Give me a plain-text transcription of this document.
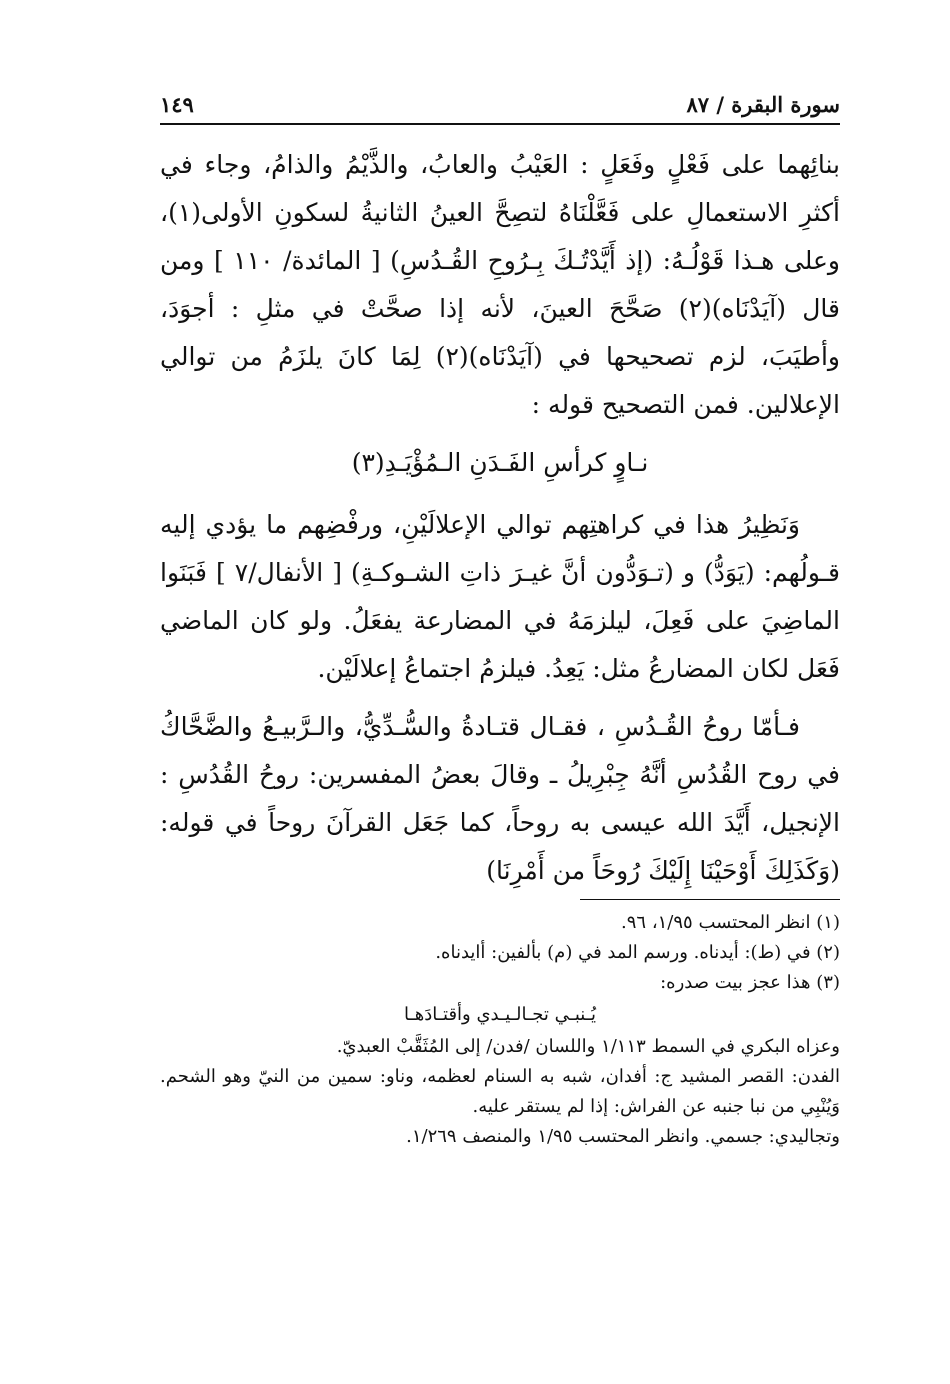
سورة البقرة / ٨٧
١٤٩

بنائِهما على فَعْلٍ وفَعَلٍ : العَيْبُ والعابُ، والذَّيْمُ والذامُ، وجاء في أكثرِ الاستعمالِ على فَعَّلْنَاهُ لتصِحَّ العينُ الثانيةُ لسكونِ الأولى(١)، وعلى هـذا قَوْلُـهُ: (إذ أَيَّدْتُـكَ بِـرُوحِ القُـدُسِ) [ المائدة/ ١١٠ ] ومن قال (آيَدْنَاه)(٢) صَحَّحَ العينَ، لأنه إذا صحَّتْ في مثلِ : أجوَدَ، وأطيَبَ، لزم تصحيحها في (آيَدْنَاه)(٢) لِمَا كانَ يلزَمُ من توالي الإعلالين. فمن التصحيح قوله :

نـاوٍ كرأسِ الفَـدَنِ الـمُؤْيَـدِ(٣)

وَنَظِيرُ هذا في كراهتِهم توالي الإعلالَيْنِ، ورفْضِهم ما يؤدي إليه قـولُهم: (يَوَدُّ) و (تـوَدُّون أنَّ غيـرَ ذاتِ الشـوكـةِ) [ الأنفال/٧ ] فَبَنَوا الماضِيَ على فَعِلَ، ليلزمَهُ في المضارعة يفعَلُ. ولو كان الماضي فَعَل لكان المضارعُ مثل: يَعِدُ. فيلزمُ اجتماعُ إعلالَيْن.

فـأمّا روحُ القُـدُسِ ، فقـال قتـادةُ والسُّـدِّيُّ، والـرَّبيـعُ والضَّحَّاكُ في روح القُدُسِ أنَّهُ جِبْرِيلُ ـ وقالَ بعضُ المفسرين: روحُ القُدُسِ : الإنجيل، أَيَّدَ الله عيسى به روحاً، كما جَعَل القرآنَ روحاً في قوله: (وَكَذَلِكَ أَوْحَيْنَا إِلَيْكَ رُوحَاً من أَمْرِنَا)

(١) انظر المحتسب ١/٩٥، ٩٦.

(٢) في (ط): أيدناه. ورسم المد في (م) بألفين: أايدناه.

(٣) هذا عجز بيت صدره:

يُـنبـي تجـالـيـدي وأقتـادَهـا

وعزاه البكري في السمط ١/١١٣ واللسان /فدن/ إلى المُثَقَّبْ العبديّ.

الفدن: القصر المشيد ج: أفدان، شبه به السنام لعظمه، وناو: سمين من النيّ وهو الشحم. وَيُنْبِي من نبا جنبه عن الفراش: إذا لم يستقر عليه.

وتجاليدي: جسمي. وانظر المحتسب ١/٩٥ والمنصف ١/٢٦٩.
